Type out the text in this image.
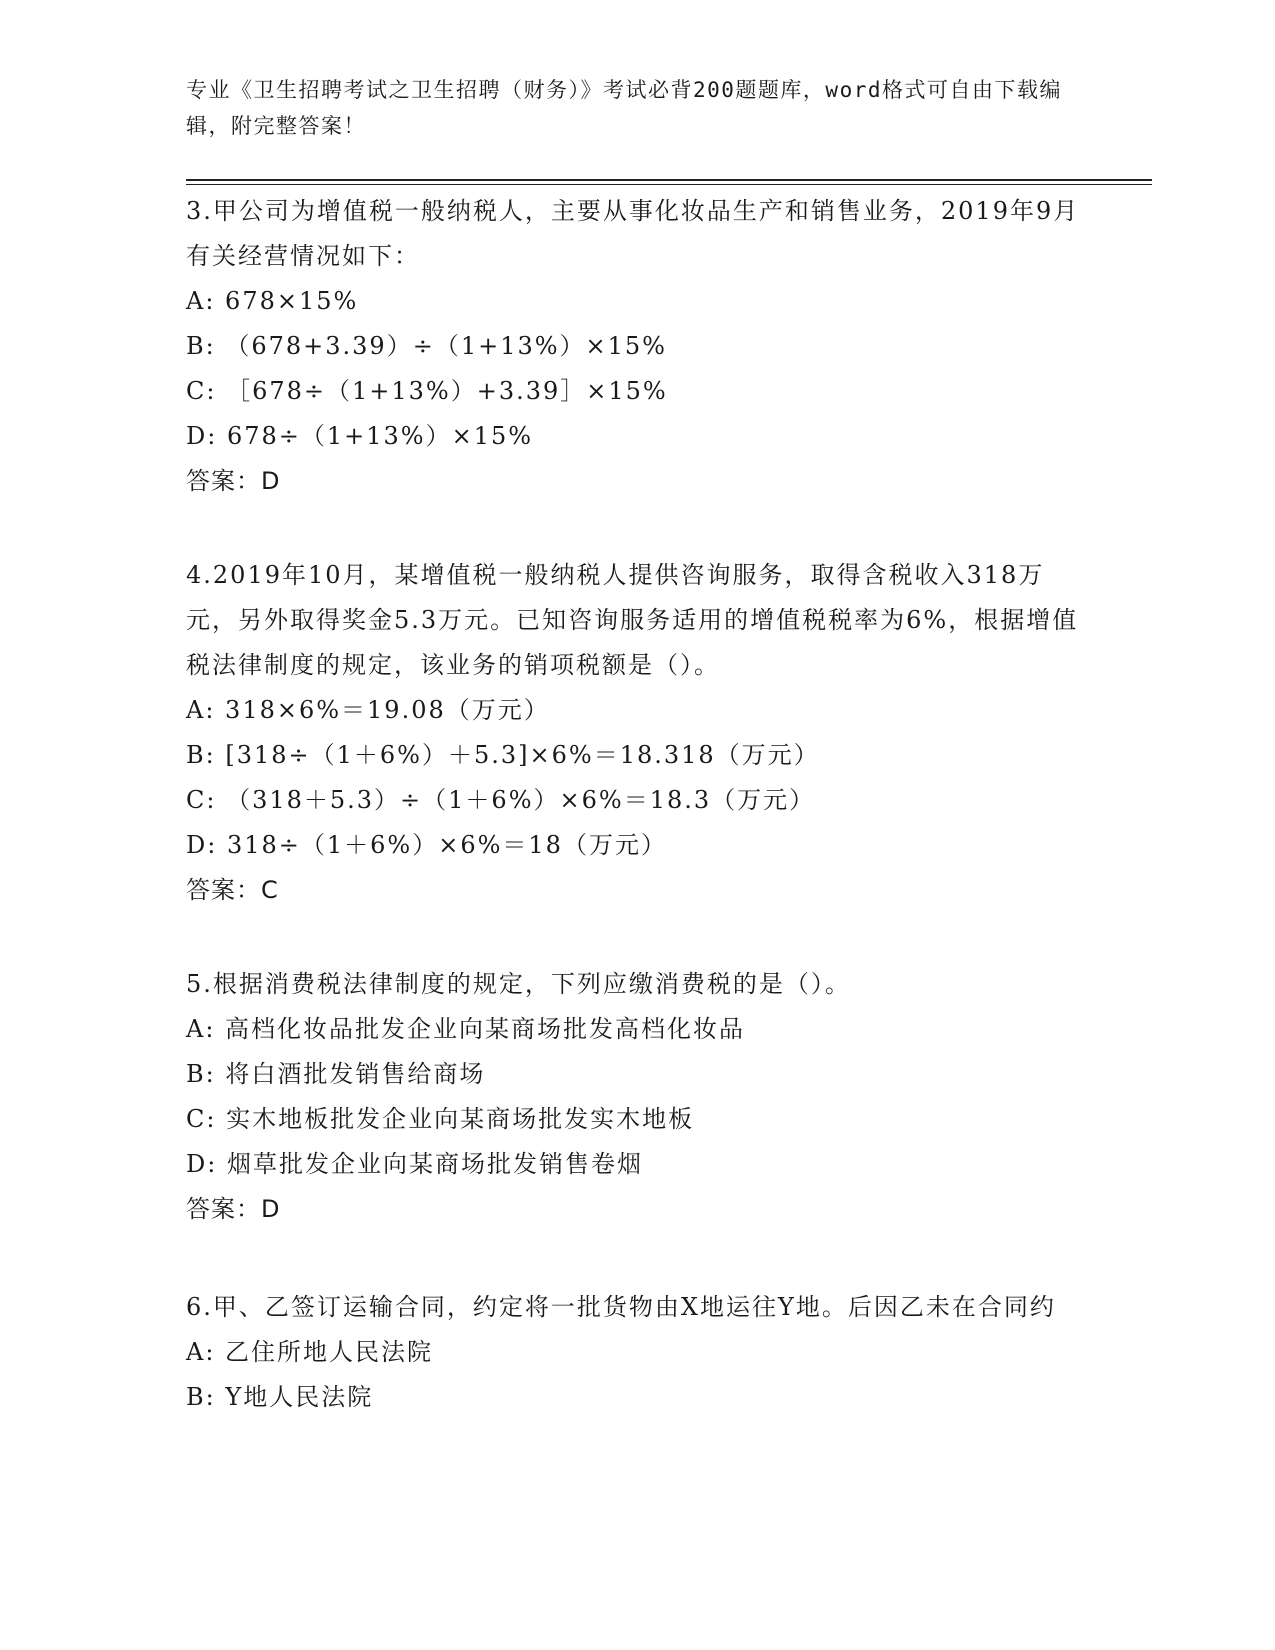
专业《卫生招聘考试之卫生招聘（财务）》考试必背200题题库，word格式可自由下载编辑，附完整答案！
3.甲公司为增值税一般纳税人，主要从事化妆品生产和销售业务，2019年9月有关经营情况如下：
A: 678×15%
B: （678+3.39）÷（1+13%）×15%
C: ［678÷（1+13%）+3.39］×15%
D: 678÷（1+13%）×15%
答案：D
4.2019年10月，某增值税一般纳税人提供咨询服务，取得含税收入318万元，另外取得奖金5.3万元。已知咨询服务适用的增值税税率为6%，根据增值税法律制度的规定，该业务的销项税额是（）。
A: 318×6%＝19.08（万元）
B: [318÷（1＋6%）＋5.3]×6%＝18.318（万元）
C: （318＋5.3）÷（1＋6%）×6%＝18.3（万元）
D: 318÷（1＋6%）×6%＝18（万元）
答案：C
5.根据消费税法律制度的规定，下列应缴消费税的是（）。
A: 高档化妆品批发企业向某商场批发高档化妆品
B: 将白酒批发销售给商场
C: 实木地板批发企业向某商场批发实木地板
D: 烟草批发企业向某商场批发销售卷烟
答案：D
6.甲、乙签订运输合同，约定将一批货物由X地运往Y地。后因乙未在合同约
A: 乙住所地人民法院
B: Y地人民法院
